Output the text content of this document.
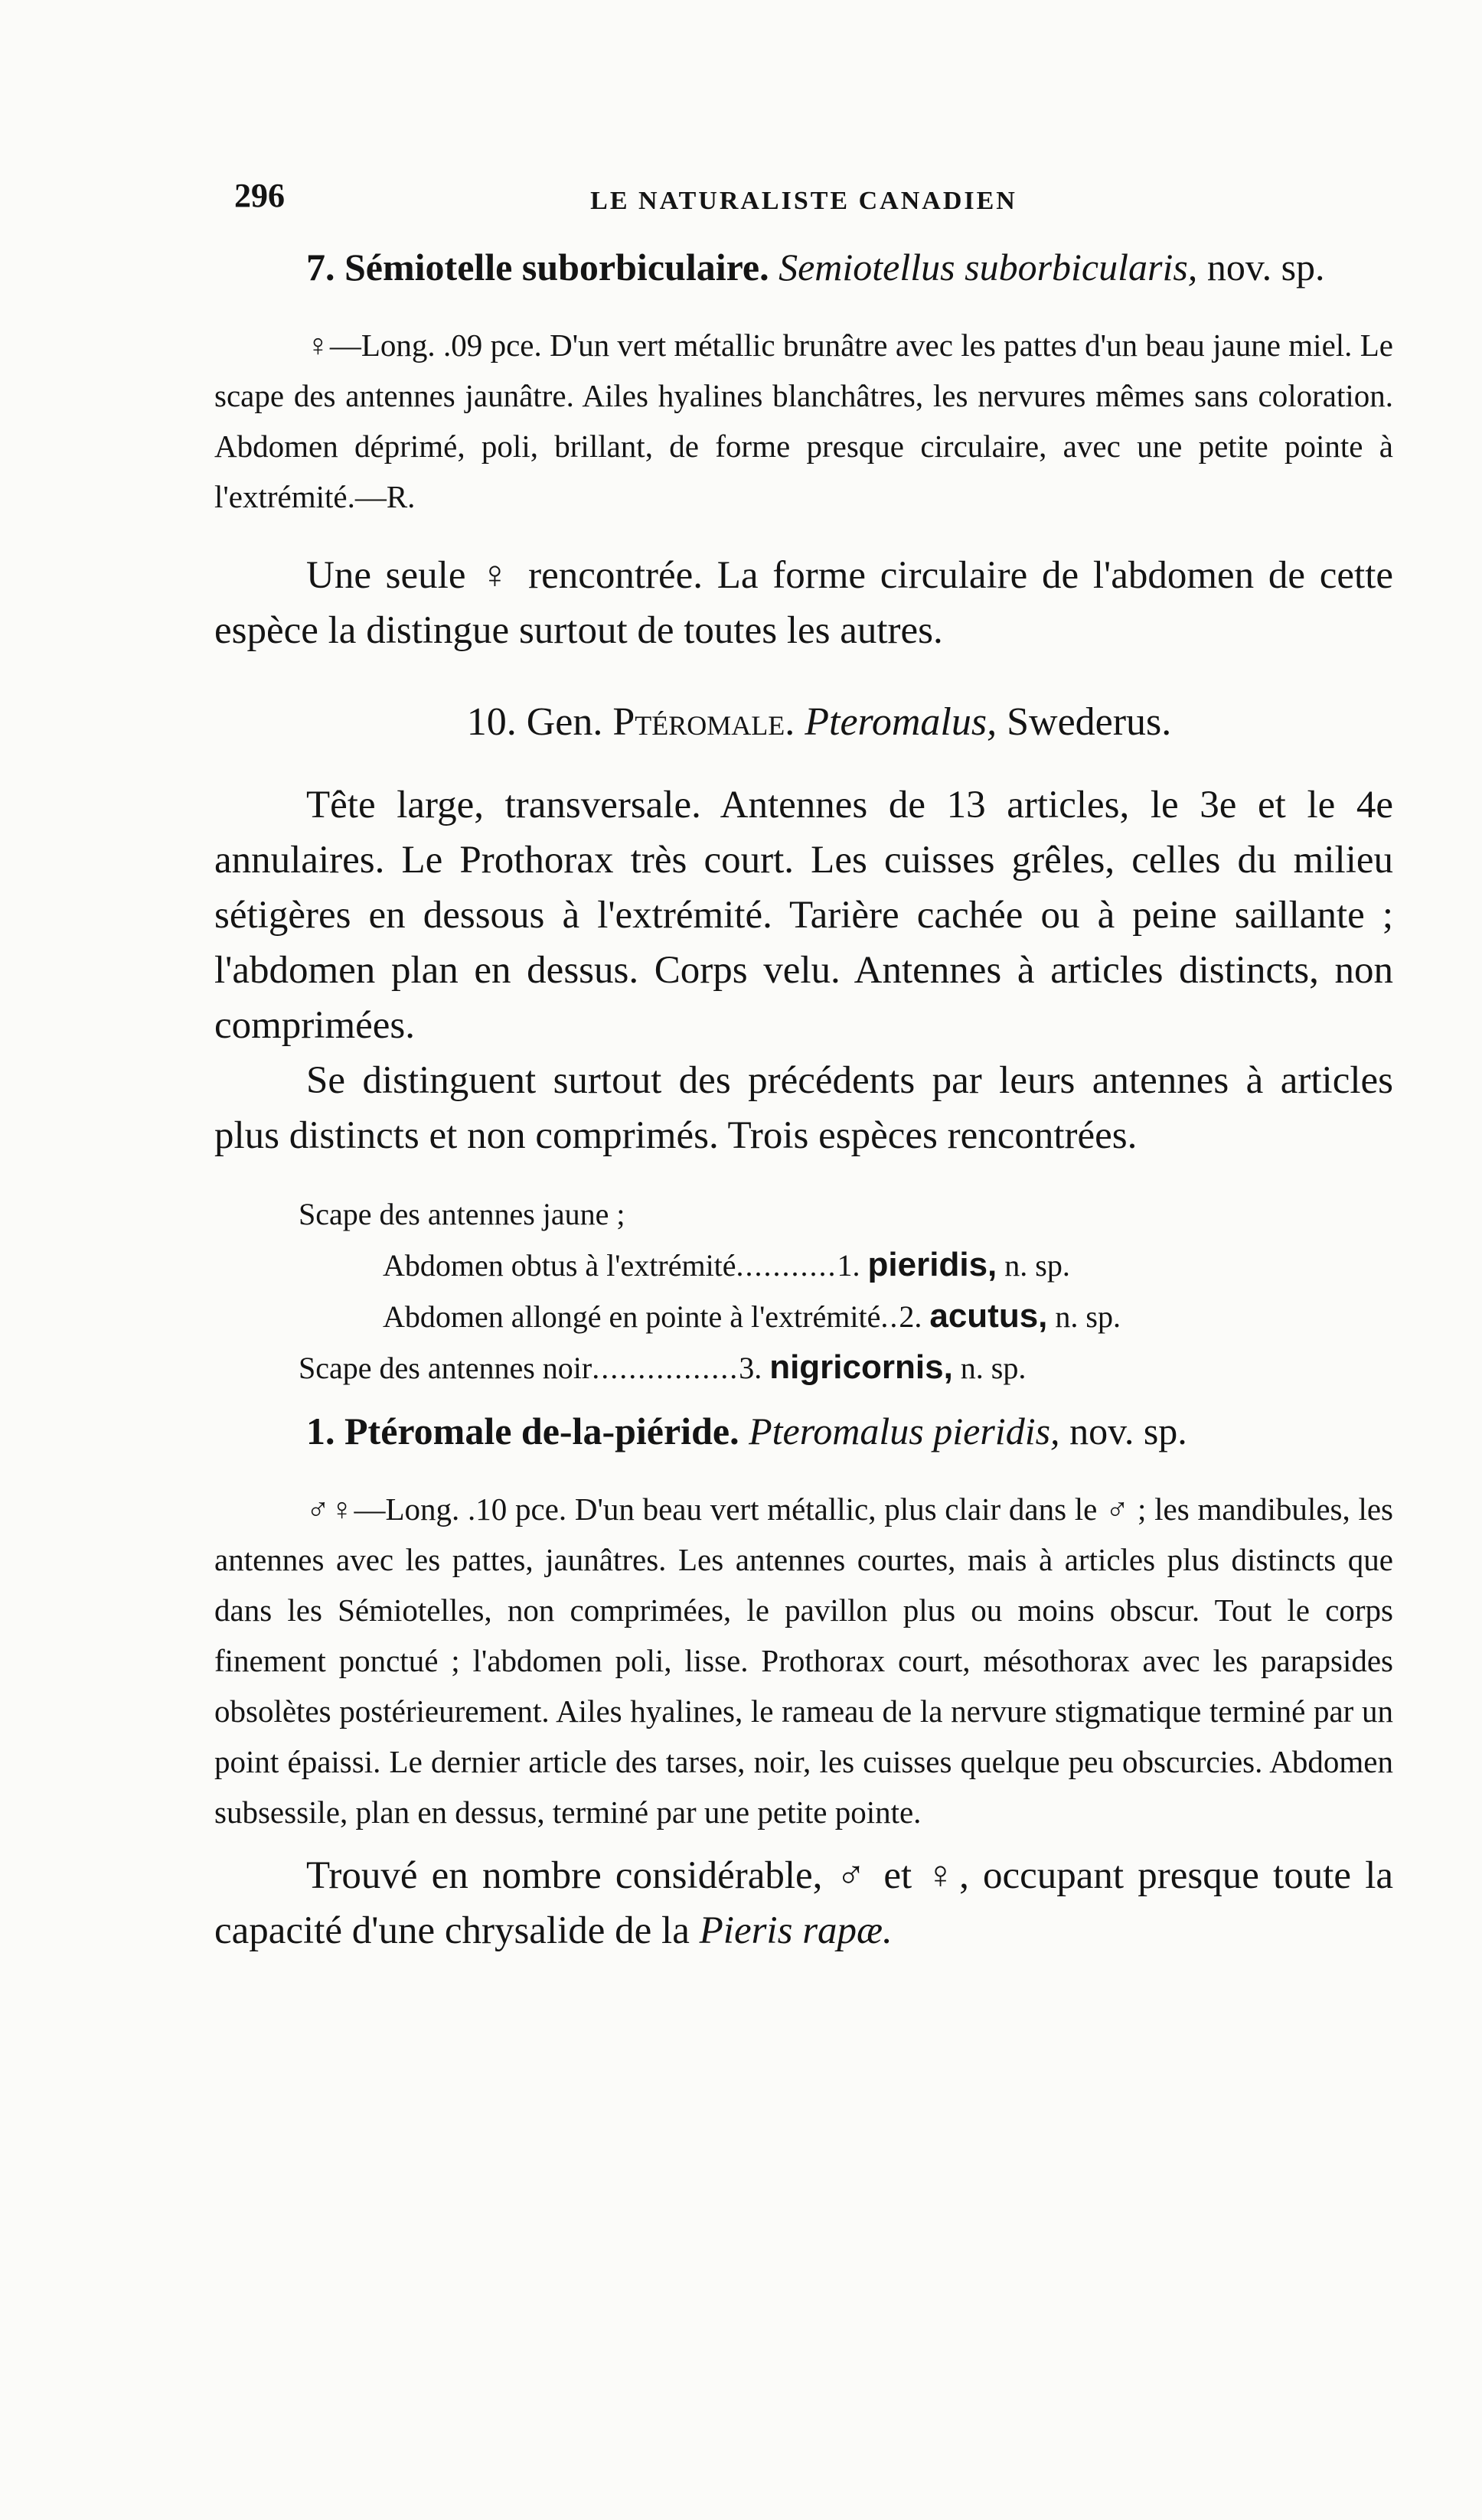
296	LE NATURALISTE CANADIEN

7. Sémiotelle suborbiculaire. Semiotellus suborbicularis, nov. sp.

♀—Long. .09 pce. D'un vert métallic brunâtre avec les pattes d'un beau jaune miel. Le scape des antennes jaunâtre. Ailes hyalines blanchâtres, les nervures mêmes sans coloration. Abdomen déprimé, poli, brillant, de forme presque circulaire, avec une petite pointe à l'extrémité.—R.

Une seule ♀ rencontrée. La forme circulaire de l'abdomen de cette espèce la distingue surtout de toutes les autres.

10. Gen. Ptéromale. Pteromalus, Swederus.

Tête large, transversale. Antennes de 13 articles, le 3e et le 4e annulaires. Le Prothorax très court. Les cuisses grêles, celles du milieu sétigères en dessous à l'extrémité. Tarière cachée ou à peine saillante ; l'abdomen plan en dessus. Corps velu. Antennes à articles distincts, non comprimées.

Se distinguent surtout des précédents par leurs antennes à articles plus distincts et non comprimés. Trois espèces rencontrées.

Scape des antennes jaune ;
Abdomen obtus à l'extrémité...........1. pieridis, n. sp.
Abdomen allongé en pointe à l'extrémité..2. acutus, n. sp.
Scape des antennes noir................3. nigricornis, n. sp.

1. Ptéromale de-la-piéride. Pteromalus pieridis, nov. sp.

♂♀—Long. .10 pce. D'un beau vert métallic, plus clair dans le ♂ ; les mandibules, les antennes avec les pattes, jaunâtres. Les antennes courtes, mais à articles plus distincts que dans les Sémiotelles, non comprimées, le pavillon plus ou moins obscur. Tout le corps finement ponctué ; l'abdomen poli, lisse. Prothorax court, mésothorax avec les parapsides obsolètes postérieurement. Ailes hyalines, le rameau de la nervure stigmatique terminé par un point épaissi. Le dernier article des tarses, noir, les cuisses quelque peu obscurcies. Abdomen subsessile, plan en dessus, terminé par une petite pointe.

Trouvé en nombre considérable, ♂ et ♀, occupant presque toute la capacité d'une chrysalide de la Pieris rapæ.
